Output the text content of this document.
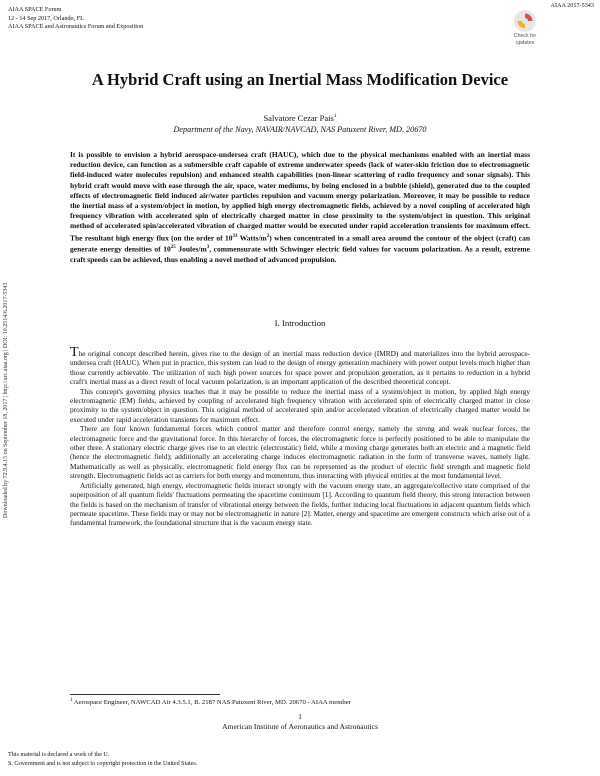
AIAA SPACE Forum
12 - 14 Sep 2017, Orlando, FL
AIAA SPACE and Astronautics Forum and Exposition
AIAA 2017-5343
Check for
updates
Downloaded by 72.9.4.15 on September 18, 2017 | http://arc.aiaa.org | DOI: 10.2514/6.2017-5343
A Hybrid Craft using an Inertial Mass Modification Device
Salvatore Cezar Pais$^1$
Department of the Navy, NAVAIR/NAVCAD, NAS Patuxent River, MD. 20670
It is possible to envision a hybrid aerospace-undersea craft (HAUC), which due to the physical mechanisms enabled with an inertial mass reduction device, can function as a submersible craft capable of extreme underwater speeds (lack of water-skin friction due to electromagnetic field-induced water molecules repulsion) and enhanced stealth capabilities (non-linear scattering of radio frequency and sonar signals). This hybrid craft would move with ease through the air, space, water mediums, by being enclosed in a bubble (shield), generated due to the coupled effects of electromagnetic field induced air/water particles repulsion and vacuum energy polarization. Moreover, it may be possible to reduce the inertial mass of a system/object in motion, by applied high energy electromagnetic fields, achieved by a novel coupling of accelerated high frequency vibration with accelerated spin of electrically charged matter in close proximity to the system/object in question. This original method of accelerated spin/accelerated vibration of charged matter would be executed under rapid acceleration transients for maximum effect. The resultant high energy flux (on the order of $10^{33}$ Watts/$m^2$) when concentrated in a small area around the contour of the object (craft) can generate energy densities of $10^{25}$ Joules/$m^3$, commensurate with Schwinger electric field values for vacuum polarization. As a result, extreme craft speeds can be achieved, thus enabling a novel method of advanced propulsion.
I. Introduction

The original concept described herein, gives rise to the design of an inertial mass reduction device (IMRD) and materializes into the hybrid aerospace-undersea craft (HAUC). When put in practice, this system can lead to the design of energy generation machinery with power output levels much higher than those currently achievable. The utilization of such high power sources for space power and propulsion generation, as it pertains to reduction in a hybrid craft's inertial mass as a direct result of local vacuum polarization, is an important application of the described theoretical concept.

This concept's governing physics teaches that it may be possible to reduce the inertial mass of a system/object in motion, by applied high energy electromagnetic (EM) fields, achieved by coupling of accelerated high frequency vibration with accelerated spin of electrically charged matter in close proximity to the system/object in question. This original method of accelerated spin and/or accelerated vibration of electrically charged matter would be executed under rapid acceleration transients for maximum effect.

There are four known fundamental forces which control matter and therefore control energy, namely the strong and weak nuclear forces, the electromagnetic force and the gravitational force. In this hierarchy of forces, the electromagnetic force is perfectly positioned to be able to manipulate the other three. A stationary electric charge gives rise to an electric (electrostatic) field, while a moving charge generates both an electric and a magnetic field (hence the electromagnetic field); additionally an accelerating charge induces electromagnetic radiation in the form of transverse waves, namely light. Mathematically as well as physically, electromagnetic field energy flux can be represented as the product of electric field strength and magnetic field strength. Electromagnetic fields act as carriers for both energy and momentum, thus interacting with physical entities at the most fundamental level.

Artificially generated, high energy, electromagnetic fields interact strongly with the vacuum energy state, an aggregate/collective state comprised of the superposition of all quantum fields' fluctuations permeating the spacetime continuum [1]. According to quantum field theory, this strong interaction between the fields is based on the mechanism of transfer of vibrational energy between the fields, further inducing local fluctuations in adjacent quantum fields which permeate spacetime. These fields may or may not be electromagnetic in nature [2]. Matter, energy and spacetime are emergent constructs which arise out of a fundamental framework, the foundational structure that is the vacuum energy state.

$^1$ Aerospace Engineer, NAWCAD Air 4.3.5.1, B. 2187 NAS Patuxent River, MD. 20670 - AIAA member
1
American Institute of Aeronautics and Astronautics
This material is declared a work of the U.
S. Government and is not subject to copyright protection in the United States.
